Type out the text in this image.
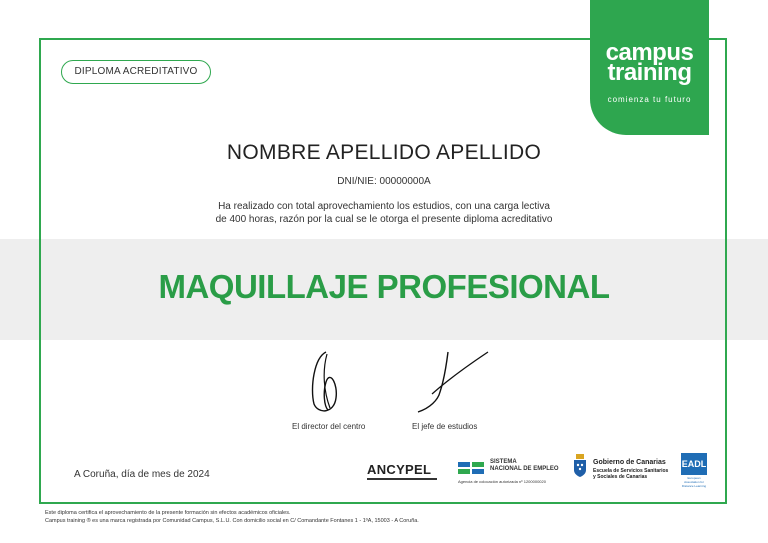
DIPLOMA ACREDITATIVO
campus
training
comienza tu futuro
NOMBRE APELLIDO APELLIDO
DNI/NIE: 00000000A
Ha realizado con total aprovechamiento los estudios, con una carga lectiva
de 400 horas, razón por la cual se le otorga el presente diploma acreditativo
MAQUILLAJE PROFESIONAL
El director del centro	El jefe de estudios
A Coruña, día de mes de 2024	ANCYPEL	SISTEMA
NACIONAL DE EMPLEO
Agencia de colocación autorizada nº 1200000020
Gobierno de Canarias
Escuela de Servicios Sanitarios
y Sociales de Canarias
EADL
European Association for Distance Learning
Este diploma certifica el aprovechamiento de la presente formación sin efectos académicos oficiales.
Campus training ® es una marca registrada por Comunidad Campus, S.L.U. Con domicilio social en C/ Comandante Fontanes 1 - 1ºA, 15003 - A Coruña.
